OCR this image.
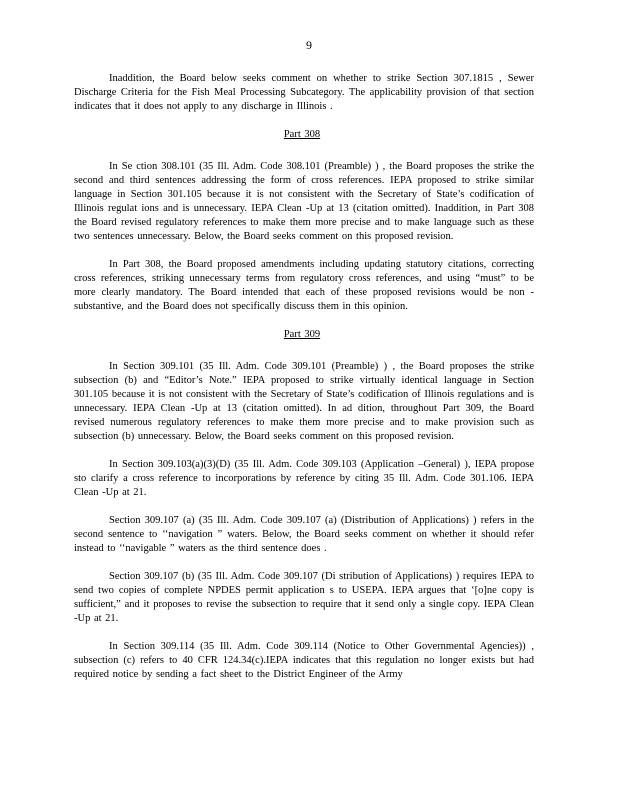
9

Inaddition, the Board below seeks comment on whether to strike Section 307.1815 , Sewer Discharge Criteria for the Fish Meal Processing Subcategory. The applicability provision of that section indicates that it does not apply to any discharge in Illinois .

Part 308

In Se ction 308.101 (35 Ill. Adm. Code 308.101 (Preamble) ) , the Board proposes the strike the second and third sentences addressing the form of cross references. IEPA proposed to strike similar language in Section 301.105 because it is not consistent with the Secretary of State’s codification of Illinois regulat ions and is unnecessary. IEPA Clean -Up at 13 (citation omitted). Inaddition, in Part 308 the Board revised regulatory references to make them more precise and to make language such as these two sentences unnecessary. Below, the Board seeks comment on this proposed revision.

In Part 308, the Board proposed amendments including updating statutory citations, correcting cross references, striking unnecessary terms from regulatory cross references, and using “must” to be more clearly mandatory. The Board intended that each of these proposed revisions would be non -substantive, and the Board does not specifically discuss them in this opinion.

Part 309

In Section 309.101 (35 Ill. Adm. Code 309.101 (Preamble) ) , the Board proposes the strike subsection (b) and “Editor’s Note.” IEPA proposed to strike virtually identical language in Section 301.105 because it is not consistent with the Secretary of State’s codification of Illinois regulations and is unnecessary. IEPA Clean -Up at 13 (citation omitted). In ad dition, throughout Part 309, the Board revised numerous regulatory references to make them more precise and to make provision such as subsection (b) unnecessary. Below, the Board seeks comment on this proposed revision.

In Section 309.103(a)(3)(D) (35 Ill. Adm. Code 309.103 (Application –General) ), IEPA propose sto clarify a cross reference to incorporations by reference by citing 35 Ill. Adm. Code 301.106. IEPA Clean -Up at 21.

Section 309.107 (a) (35 Ill. Adm. Code 309.107 (a) (Distribution of Applications) ) refers in the second sentence to ‘‘navigation ” waters. Below, the Board seeks comment on whether it should refer instead to ‘‘navigable ” waters as the third sentence does .

Section 309.107 (b) (35 Ill. Adm. Code 309.107 (Di stribution of Applications) ) requires IEPA to send two copies of complete NPDES permit application s to USEPA. IEPA argues that ‘[o]ne copy is sufficient,” and it proposes to revise the subsection to require that it send only a single copy. IEPA Clean -Up at 21.

In Section 309.114 (35 Ill. Adm. Code 309.114 (Notice to Other Governmental Agencies)) , subsection (c) refers to 40 CFR 124.34(c).IEPA indicates that this regulation no longer exists but had required notice by sending a fact sheet to the District Engineer of the Army
